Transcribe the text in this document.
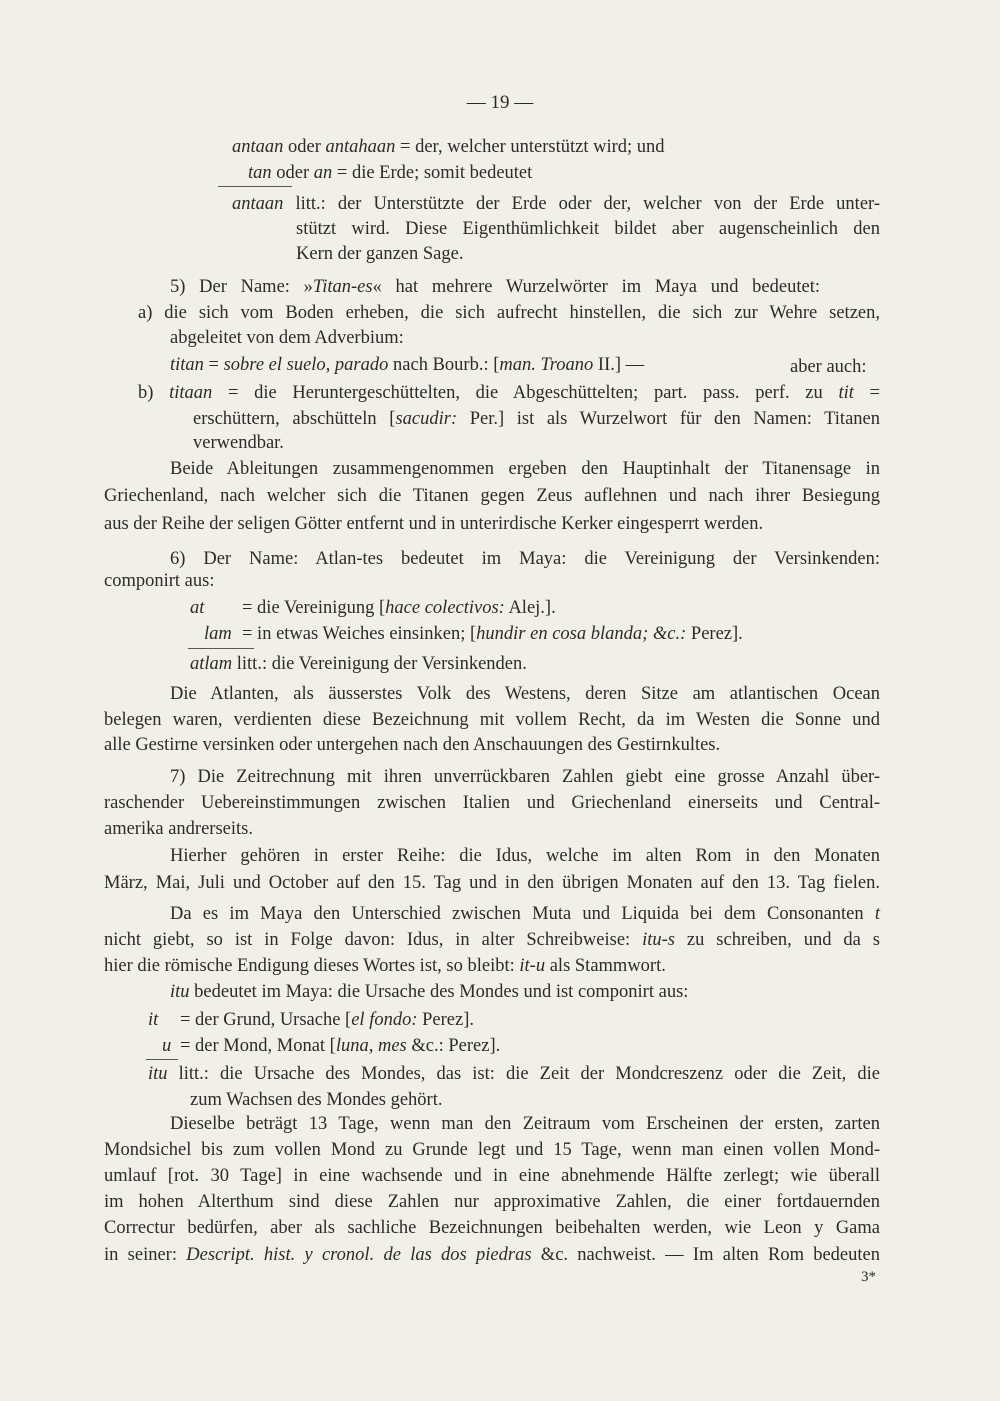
— 19 —
antaan oder antahaan = der, welcher unterstützt wird; und
tan oder an = die Erde; somit bedeutet
antaan litt.: der Unterstützte der Erde oder der, welcher von der Erde unter-
stützt wird. Diese Eigenthümlichkeit bildet aber augenscheinlich den
Kern der ganzen Sage.
5) Der Name: »Titan-es« hat mehrere Wurzelwörter im Maya und bedeutet:
a) die sich vom Boden erheben, die sich aufrecht hinstellen, die sich zur Wehre setzen,
abgeleitet von dem Adverbium:
titan = sobre el suelo, parado nach Bourb.: [man. Troano II.] —	aber auch:
b) titaan = die Heruntergeschüttelten, die Abgeschüttelten; part. pass. perf. zu tit =
erschüttern, abschütteln [sacudir: Per.] ist als Wurzelwort für den Namen: Titanen
verwendbar.
Beide Ableitungen zusammengenommen ergeben den Hauptinhalt der Titanensage in
Griechenland, nach welcher sich die Titanen gegen Zeus auflehnen und nach ihrer Besiegung
aus der Reihe der seligen Götter entfernt und in unterirdische Kerker eingesperrt werden.
6) Der Name: Atlan-tes bedeutet im Maya: die Vereinigung der Versinkenden:
componirt aus:
at = die Vereinigung [hace colectivos: Alej.].
lam = in etwas Weiches einsinken; [hundir en cosa blanda; &c.: Perez].
atlam litt.: die Vereinigung der Versinkenden.
Die Atlanten, als äusserstes Volk des Westens, deren Sitze am atlantischen Ocean
belegen waren, verdienten diese Bezeichnung mit vollem Recht, da im Westen die Sonne und
alle Gestirne versinken oder untergehen nach den Anschauungen des Gestirnkultes.
7) Die Zeitrechnung mit ihren unverrückbaren Zahlen giebt eine grosse Anzahl über-
raschender Uebereinstimmungen zwischen Italien und Griechenland einerseits und Central-
amerika andrerseits.
Hierher gehören in erster Reihe: die Idus, welche im alten Rom in den Monaten
März, Mai, Juli und October auf den 15. Tag und in den übrigen Monaten auf den 13. Tag fielen.
Da es im Maya den Unterschied zwischen Muta und Liquida bei dem Consonanten t
nicht giebt, so ist in Folge davon: Idus, in alter Schreibweise: itu-s zu schreiben, und da s
hier die römische Endigung dieses Wortes ist, so bleibt: it-u als Stammwort.
itu bedeutet im Maya: die Ursache des Mondes und ist componirt aus:
it = der Grund, Ursache [el fondo: Perez].
u = der Mond, Monat [luna, mes &c.: Perez].
itu litt.: die Ursache des Mondes, das ist: die Zeit der Mondcreszenz oder die Zeit, die
zum Wachsen des Mondes gehört.
Dieselbe beträgt 13 Tage, wenn man den Zeitraum vom Erscheinen der ersten, zarten
Mondsichel bis zum vollen Mond zu Grunde legt und 15 Tage, wenn man einen vollen Mond-
umlauf [rot. 30 Tage] in eine wachsende und in eine abnehmende Hälfte zerlegt; wie überall
im hohen Alterthum sind diese Zahlen nur approximative Zahlen, die einer fortdauernden
Correctur bedürfen, aber als sachliche Bezeichnungen beibehalten werden, wie Leon y Gama
in seiner: Descript. hist. y cronol. de las dos piedras &c. nachweist. — Im alten Rom bedeuten
3*
